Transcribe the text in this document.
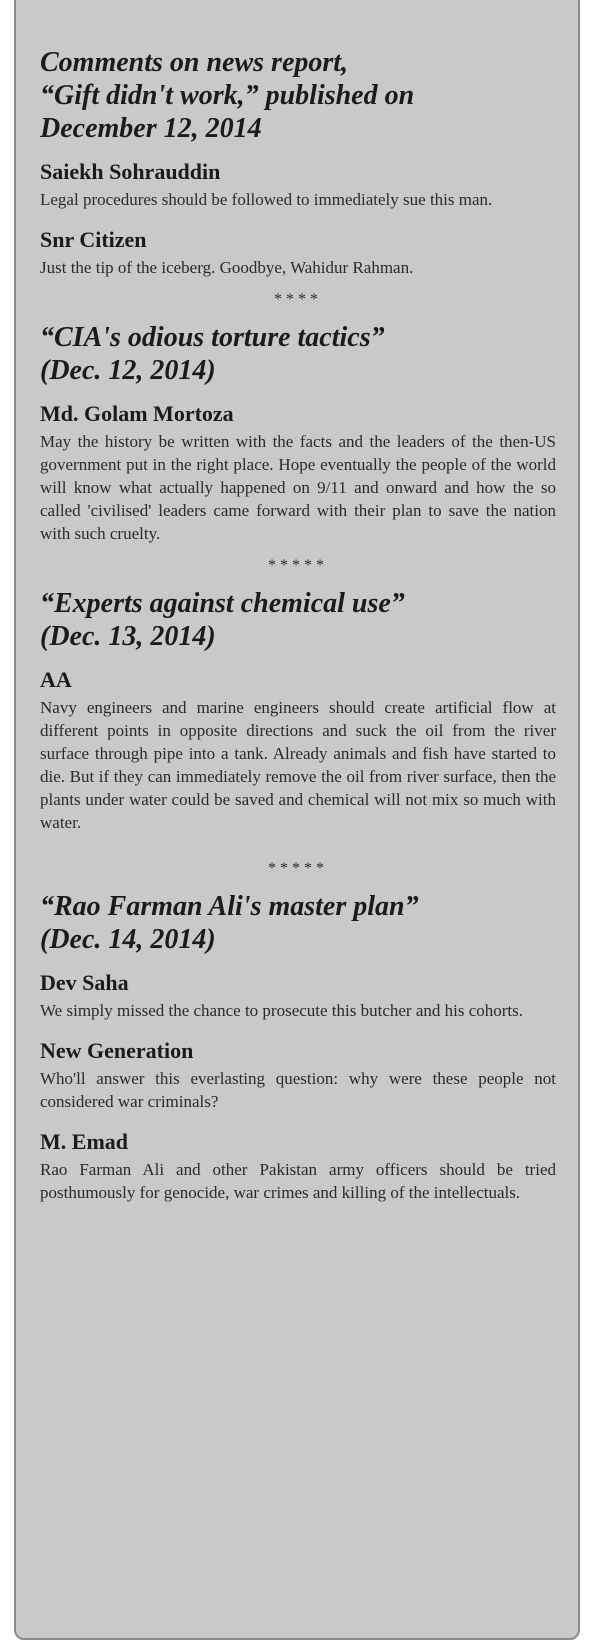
Comments on news report,
“Gift didn't work,” published on
December 12, 2014
Saiekh Sohrauddin

Legal procedures should be followed to immediately sue this man.

Snr Citizen

Just the tip of the iceberg. Goodbye, Wahidur Rahman.

****
“CIA's odious torture tactics”
(Dec. 12, 2014)
Md. Golam Mortoza

May the history be written with the facts and the leaders of the then-US government put in the right place. Hope eventually the people of the world will know what actually happened on 9/11 and onward and how the so called 'civilised' leaders came forward with their plan to save the nation with such cruelty.

*****
“Experts against chemical use”
(Dec. 13, 2014)
AA

Navy engineers and marine engineers should create artificial flow at different points in opposite directions and suck the oil from the river surface through pipe into a tank. Already animals and fish have started to die. But if they can immediately remove the oil from river surface, then the plants under water could be saved and chemical will not mix so much with water.

*****
“Rao Farman Ali's master plan”
(Dec. 14, 2014)
Dev Saha

We simply missed the chance to prosecute this butcher and his cohorts.

New Generation

Who'll answer this everlasting question: why were these people not considered war criminals?

M. Emad

Rao Farman Ali and other Pakistan army officers should be tried posthumously for genocide, war crimes and killing of the intellectuals.
